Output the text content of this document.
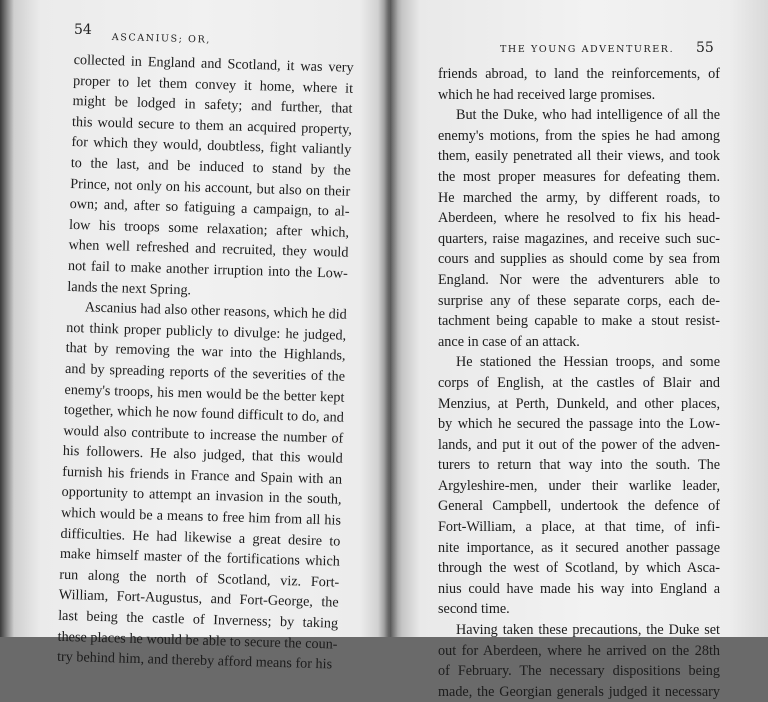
54
ASCANIUS; OR,
collected in England and Scotland, it was very
proper to let them convey it home, where it
might be lodged in safety; and further, that
this would secure to them an acquired property,
for which they would, doubtless, fight valiantly
to the last, and be induced to stand by the
Prince, not only on his account, but also on their
own; and, after so fatiguing a campaign, to al-
low his troops some relaxation; after which,
when well refreshed and recruited, they would
not fail to make another irruption into the Low-
lands the next Spring.
Ascanius had also other reasons, which he did
not think proper publicly to divulge: he judged,
that by removing the war into the Highlands,
and by spreading reports of the severities of the
enemy's troops, his men would be the better kept
together, which he now found difficult to do, and
would also contribute to increase the number of
his followers. He also judged, that this would
furnish his friends in France and Spain with an
opportunity to attempt an invasion in the south,
which would be a means to free him from all his
difficulties. He had likewise a great desire to
make himself master of the fortifications which
run along the north of Scotland, viz. Fort-
William, Fort-Augustus, and Fort-George, the
last being the castle of Inverness; by taking
these places he would be able to secure the coun-
try behind him, and thereby afford means for his
THE YOUNG ADVENTURER. 55
friends abroad, to land the reinforcements, of
which he had received large promises.
But the Duke, who had intelligence of all the
enemy's motions, from the spies he had among
them, easily penetrated all their views, and took
the most proper measures for defeating them.
He marched the army, by different roads, to
Aberdeen, where he resolved to fix his head-
quarters, raise magazines, and receive such suc-
cours and supplies as should come by sea from
England. Nor were the adventurers able to
surprise any of these separate corps, each de-
tachment being capable to make a stout resist-
ance in case of an attack.
He stationed the Hessian troops, and some
corps of English, at the castles of Blair and
Menzius, at Perth, Dunkeld, and other places,
by which he secured the passage into the Low-
lands, and put it out of the power of the adven-
turers to return that way into the south. The
Argyleshire-men, under their warlike leader,
General Campbell, undertook the defence of
Fort-William, a place, at that time, of infi-
nite importance, as it secured another passage
through the west of Scotland, by which Asca-
nius could have made his way into England a
second time.
Having taken these precautions, the Duke set
out for Aberdeen, where he arrived on the 28th
of February. The necessary dispositions being
made, the Georgian generals judged it necessary
